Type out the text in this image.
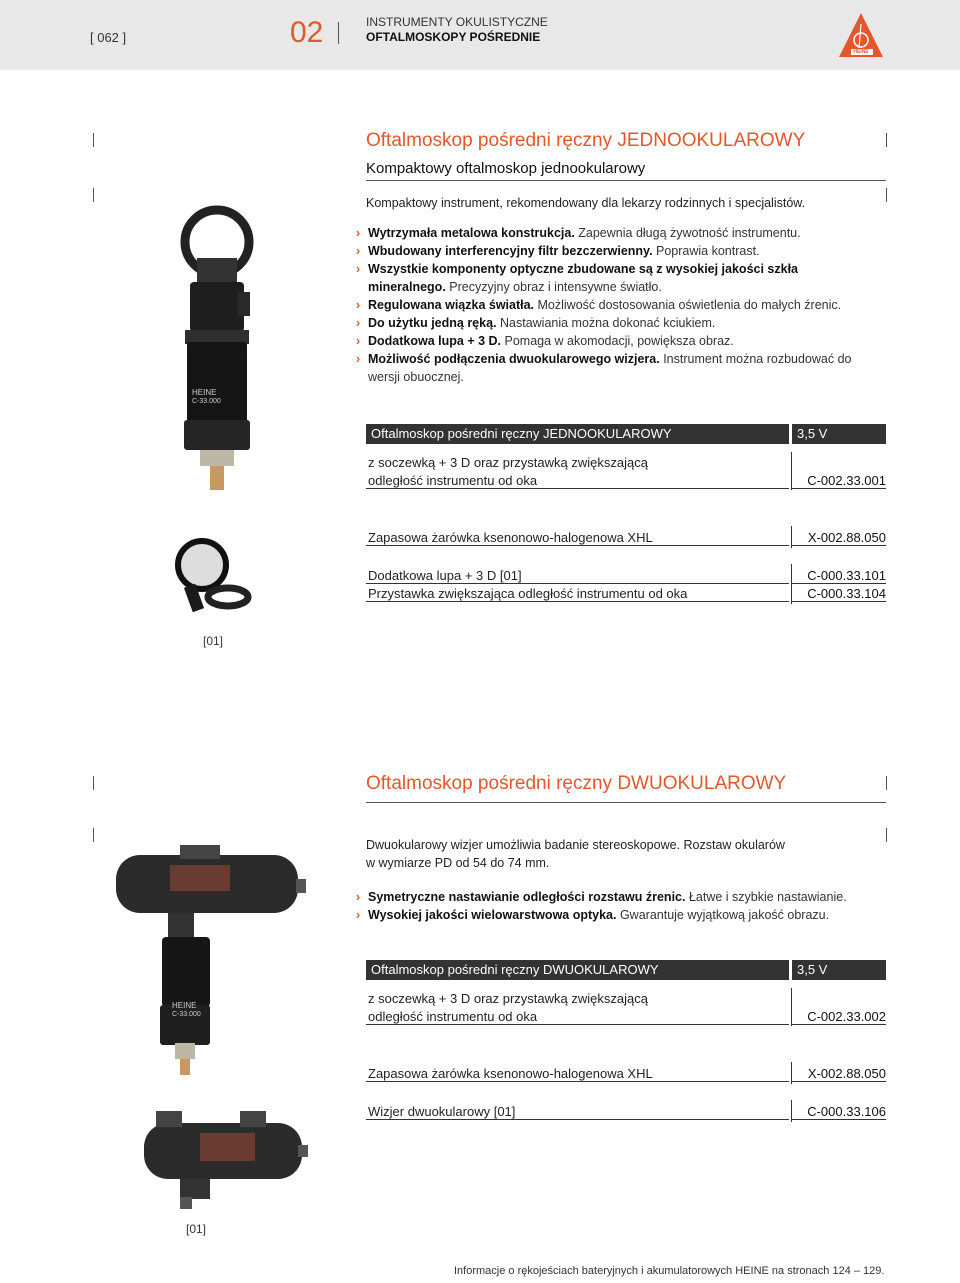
[ 062 ]	02	INSTRUMENTY OKULISTYCZNE
OFTALMOSKOPY POŚREDNIE
HEINE
Oftalmoskop pośredni ręczny JEDNOOKULAROWY
Kompaktowy oftalmoskop jednookularowy
Kompaktowy instrument, rekomendowany dla lekarzy rodzinnych i specjalistów.
› Wytrzymała metalowa konstrukcja. Zapewnia długą żywotność instrumentu.
› Wbudowany interferencyjny filtr bezczerwienny. Poprawia kontrast.
› Wszystkie komponenty optyczne zbudowane są z wysokiej jakości szkła mineralnego. Precyzyjny obraz i intensywne światło.
› Regulowana wiązka światła. Możliwość dostosowania oświetlenia do małych źrenic.
› Do użytku jedną ręką. Nastawiania można dokonać kciukiem.
› Dodatkowa lupa + 3 D. Pomaga w akomodacji, powiększa obraz.
› Możliwość podłączenia dwuokularowego wizjera. Instrument można rozbudować do wersji obuocznej.
HEINE
C-33.000
Oftalmoskop pośredni ręczny JEDNOOKULAROWY	3,5 V
z soczewką + 3 D oraz przystawką zwiększającą
odległość instrumentu od oka	C-002.33.001
Zapasowa żarówka ksenonowo-halogenowa XHL	X-002.88.050
Dodatkowa lupa + 3 D [01]	C-000.33.101
Przystawka zwiększająca odległość instrumentu od oka	C-000.33.104
[01]
Oftalmoskop pośredni ręczny DWUOKULAROWY
Dwuokularowy wizjer umożliwia badanie stereoskopowe. Rozstaw okularów
w wymiarze PD od 54 do 74 mm.
› Symetryczne nastawianie odległości rozstawu źrenic. Łatwe i szybkie nastawianie.
› Wysokiej jakości wielowarstwowa optyka. Gwarantuje wyjątkową jakość obrazu.
HEINE
C-33.000
Oftalmoskop pośredni ręczny DWUOKULAROWY	3,5 V
z soczewką + 3 D oraz przystawką zwiększającą
odległość instrumentu od oka	C-002.33.002
Zapasowa żarówka ksenonowo-halogenowa XHL	X-002.88.050
Wizjer dwuokularowy [01]	C-000.33.106
[01]
Informacje o rękojeściach bateryjnych i akumulatorowych HEINE na stronach 124 – 129.
